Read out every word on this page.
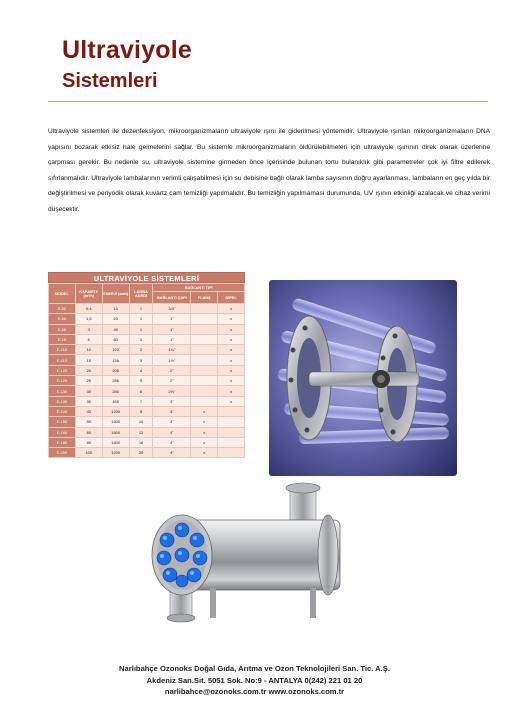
Ultraviyole
Sistemleri
Ultraviyole sistemleri ile dezenfeksiyon, mikroorganizmaların ultraviyole ışını ile giderilmesi yöntemidir. Ultraviyole ışınları mikroorganizmaların DNA yapısını bozarak etkisiz hale gelmelerini sağlar. Bu sistemle mikroorganizmaların öldürülebilmeleri için ultraviyole ışınının direk olarak üzerlerine çarpması gerekir. Bu nedenle su, ultraviyole sistemine girmeden önce içerisinde bulunan tortu bulanıklık gibi parametreler çok iyi filtre edilerek sıfırlanmalıdır. Ultraviyole lambalarının verimli çalışabilmesi için su debisine bağlı olarak lamba sayısının doğru ayarlanması, lambaların en geç yılda bir değiştirilmesi ve periyodik olarak kuvartz cam temizliği yapılmalıdır. Bu temizliğin yapılmaması durumunda, UV ışının etkinliği azalacak ve cihaz verimi düşecektir.
ULTRAVİYOLE SİSTEMLERİ
MODEL	KAPASİTE (m³/h)	ENERJİ (watt)	LAMBA ADEDİ	BAĞLANTI TİPİ		
				BAĞLANTI ÇAPI	FLANŞ	NİPEL
E-02	0,4	14	1	3/4"		x
E-06	1,5	23	1	1"		x
E-08	3	45	1	1"		x
E-10	6	80	1	1"		x
E-110	10	120	2	1¼"		x
E-115	15	156	3	1½"		x
E-120	20	208	4	2"		x
E-125	25	256	5	2"		x
E-130	30	280	6	2½"		x
E-135	35	455	7	3"		x
E-140	40	1200	8	3"	x	
E-150	50	1500	10	3"	x	
E-160	60	1800	12	4"	x	
E-180	80	1800	16	4"	x	
E-200	100	1200	20	4"	x	
Narlıbahçe Ozonoks Doğal Gıda, Arıtma ve Ozon Teknolojileri San. Tic. A.Ş.
Akdeniz San.Sit. 5051 Sok. No:9 - ANTALYA 0(242) 221 01 20
narlibahce@ozonoks.com.tr www.ozonoks.com.tr
